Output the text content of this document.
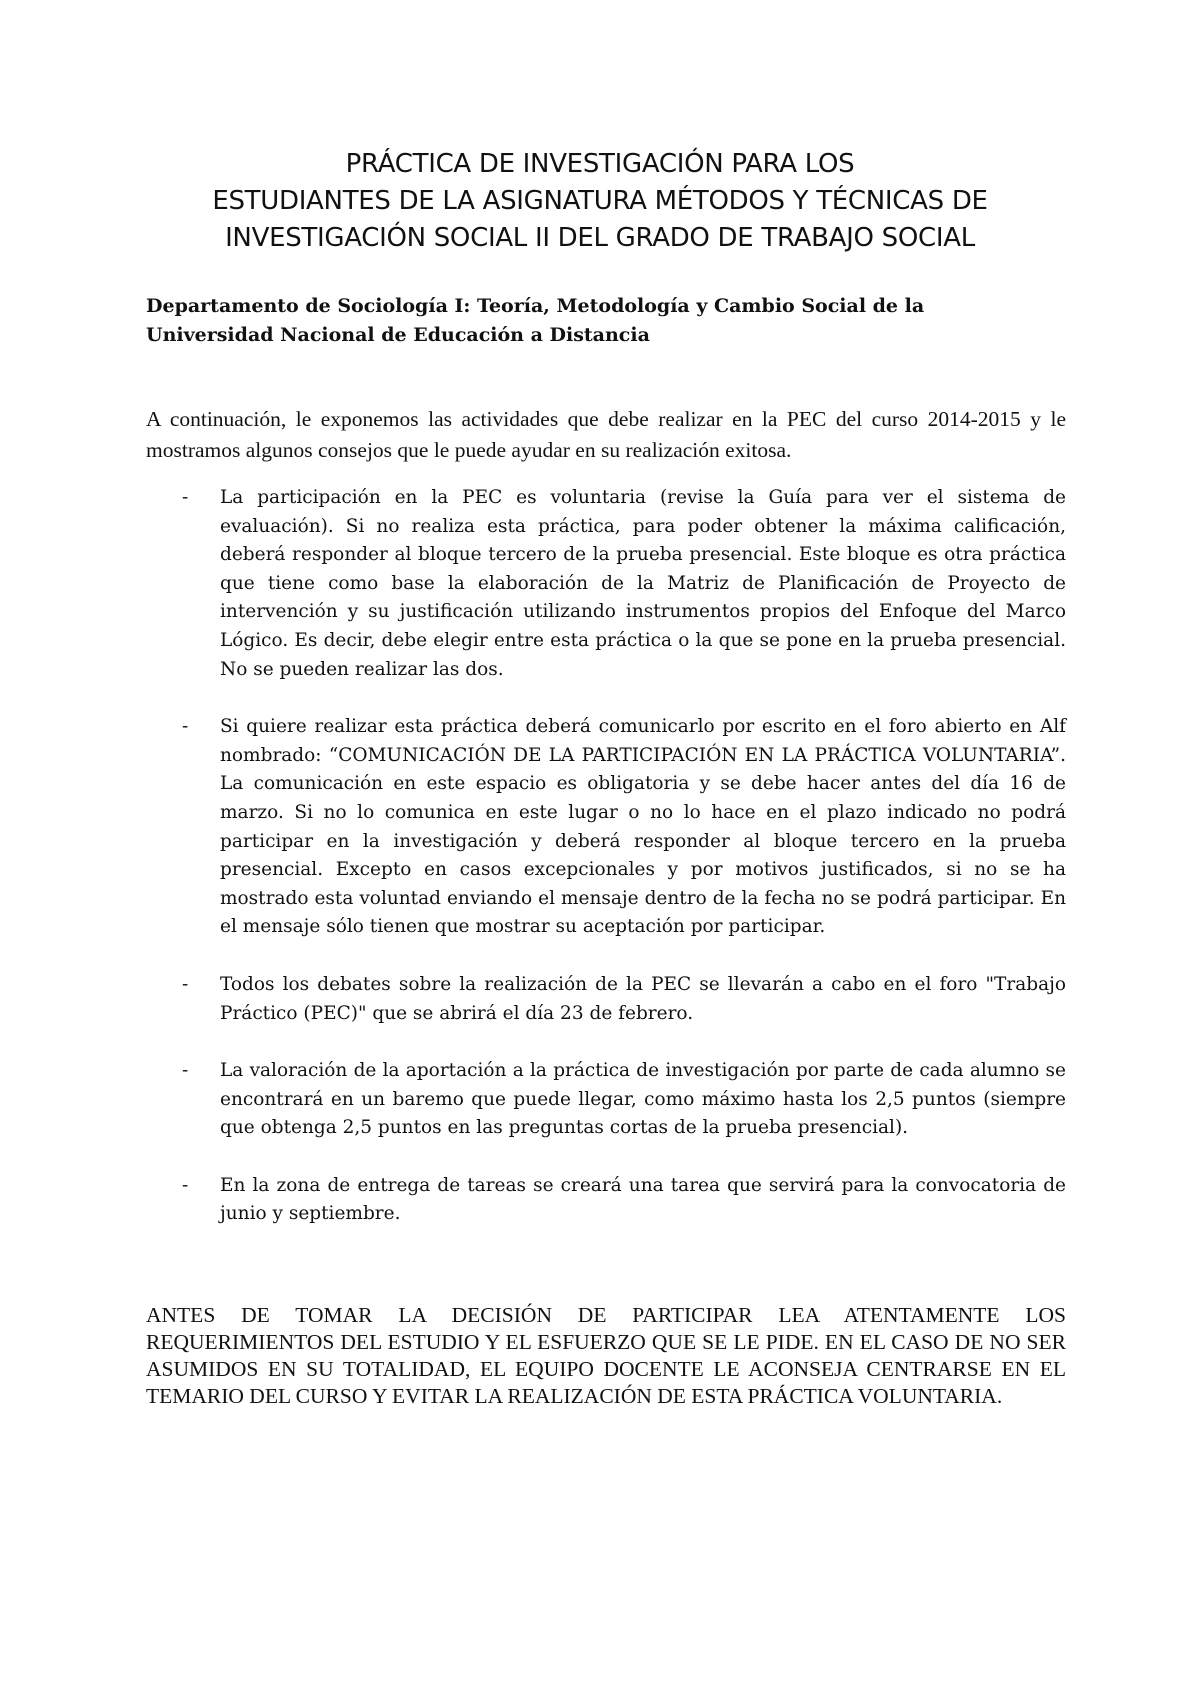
PRÁCTICA DE INVESTIGACIÓN PARA LOS
ESTUDIANTES DE LA ASIGNATURA MÉTODOS Y TÉCNICAS DE
INVESTIGACIÓN SOCIAL II DEL GRADO DE TRABAJO SOCIAL

Departamento de Sociología I: Teoría, Metodología y Cambio Social de la Universidad Nacional de Educación a Distancia

A continuación, le exponemos las actividades que debe realizar en la PEC del curso 2014-2015 y le mostramos algunos consejos que le puede ayudar en su realización exitosa.

- La participación en la PEC es voluntaria (revise la Guía para ver el sistema de evaluación). Si no realiza esta práctica, para poder obtener la máxima calificación, deberá responder al bloque tercero de la prueba presencial. Este bloque es otra práctica que tiene como base la elaboración de la Matriz de Planificación de Proyecto de intervención y su justificación utilizando instrumentos propios del Enfoque del Marco Lógico. Es decir, debe elegir entre esta práctica o la que se pone en la prueba presencial. No se pueden realizar las dos.
- Si quiere realizar esta práctica deberá comunicarlo por escrito en el foro abierto en Alf nombrado: “COMUNICACIÓN DE LA PARTICIPACIÓN EN LA PRÁCTICA VOLUNTARIA”. La comunicación en este espacio es obligatoria y se debe hacer antes del día 16 de marzo. Si no lo comunica en este lugar o no lo hace en el plazo indicado no podrá participar en la investigación y deberá responder al bloque tercero en la prueba presencial. Excepto en casos excepcionales y por motivos justificados, si no se ha mostrado esta voluntad enviando el mensaje dentro de la fecha no se podrá participar. En el mensaje sólo tienen que mostrar su aceptación por participar.
- Todos los debates sobre la realización de la PEC se llevarán a cabo en el foro "Trabajo Práctico (PEC)" que se abrirá el día 23 de febrero.
- La valoración de la aportación a la práctica de investigación por parte de cada alumno se encontrará en un baremo que puede llegar, como máximo hasta los 2,5 puntos (siempre que obtenga 2,5 puntos en las preguntas cortas de la prueba presencial).
- En la zona de entrega de tareas se creará una tarea que servirá para la convocatoria de junio y septiembre.

ANTES DE TOMAR LA DECISIÓN DE PARTICIPAR LEA ATENTAMENTE LOS REQUERIMIENTOS DEL ESTUDIO Y EL ESFUERZO QUE SE LE PIDE. EN EL CASO DE NO SER ASUMIDOS EN SU TOTALIDAD, EL EQUIPO DOCENTE LE ACONSEJA CENTRARSE EN EL TEMARIO DEL CURSO Y EVITAR LA REALIZACIÓN DE ESTA PRÁCTICA VOLUNTARIA.
